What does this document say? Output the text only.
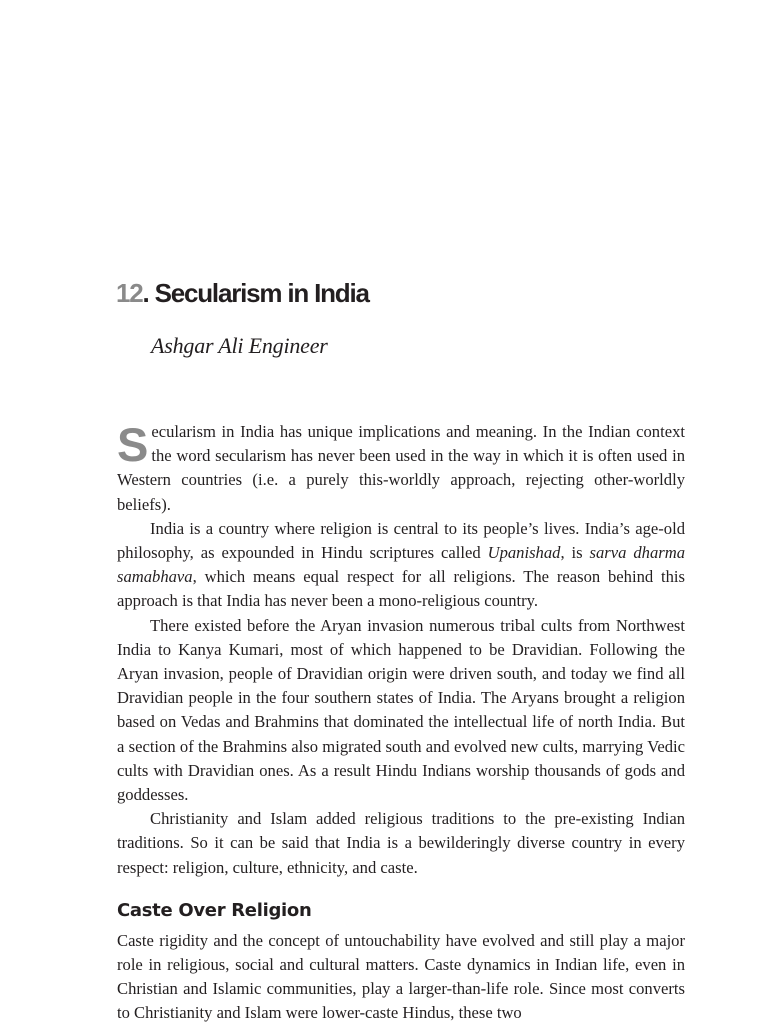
12. Secularism in India

Ashgar Ali Engineer

Secularism in India has unique implications and meaning. In the Indian context the word secularism has never been used in the way in which it is often used in Western countries (i.e. a purely this-worldly approach, rejecting other-worldly beliefs).

India is a country where religion is central to its people’s lives. India’s age-old philosophy, as expounded in Hindu scriptures called Upanishad, is sarva dharma samabhava, which means equal respect for all religions. The reason behind this approach is that India has never been a mono-religious country.

There existed before the Aryan invasion numerous tribal cults from Northwest India to Kanya Kumari, most of which happened to be Dravidian. Following the Aryan invasion, people of Dravidian origin were driven south, and today we find all Dravidian people in the four southern states of India. The Aryans brought a religion based on Vedas and Brahmins that dominated the intellectual life of north India. But a section of the Brahmins also migrated south and evolved new cults, marrying Vedic cults with Dravidian ones. As a result Hindu Indians worship thousands of gods and goddesses.

Christianity and Islam added religious traditions to the pre-existing Indian traditions. So it can be said that India is a bewilderingly diverse country in every respect: religion, culture, ethnicity, and caste.

Caste Over Religion

Caste rigidity and the concept of untouchability have evolved and still play a major role in religious, social and cultural matters. Caste dynamics in Indian life, even in Christian and Islamic communities, play a larger-than-life role. Since most converts to Christianity and Islam were lower-caste Hindus, these two
